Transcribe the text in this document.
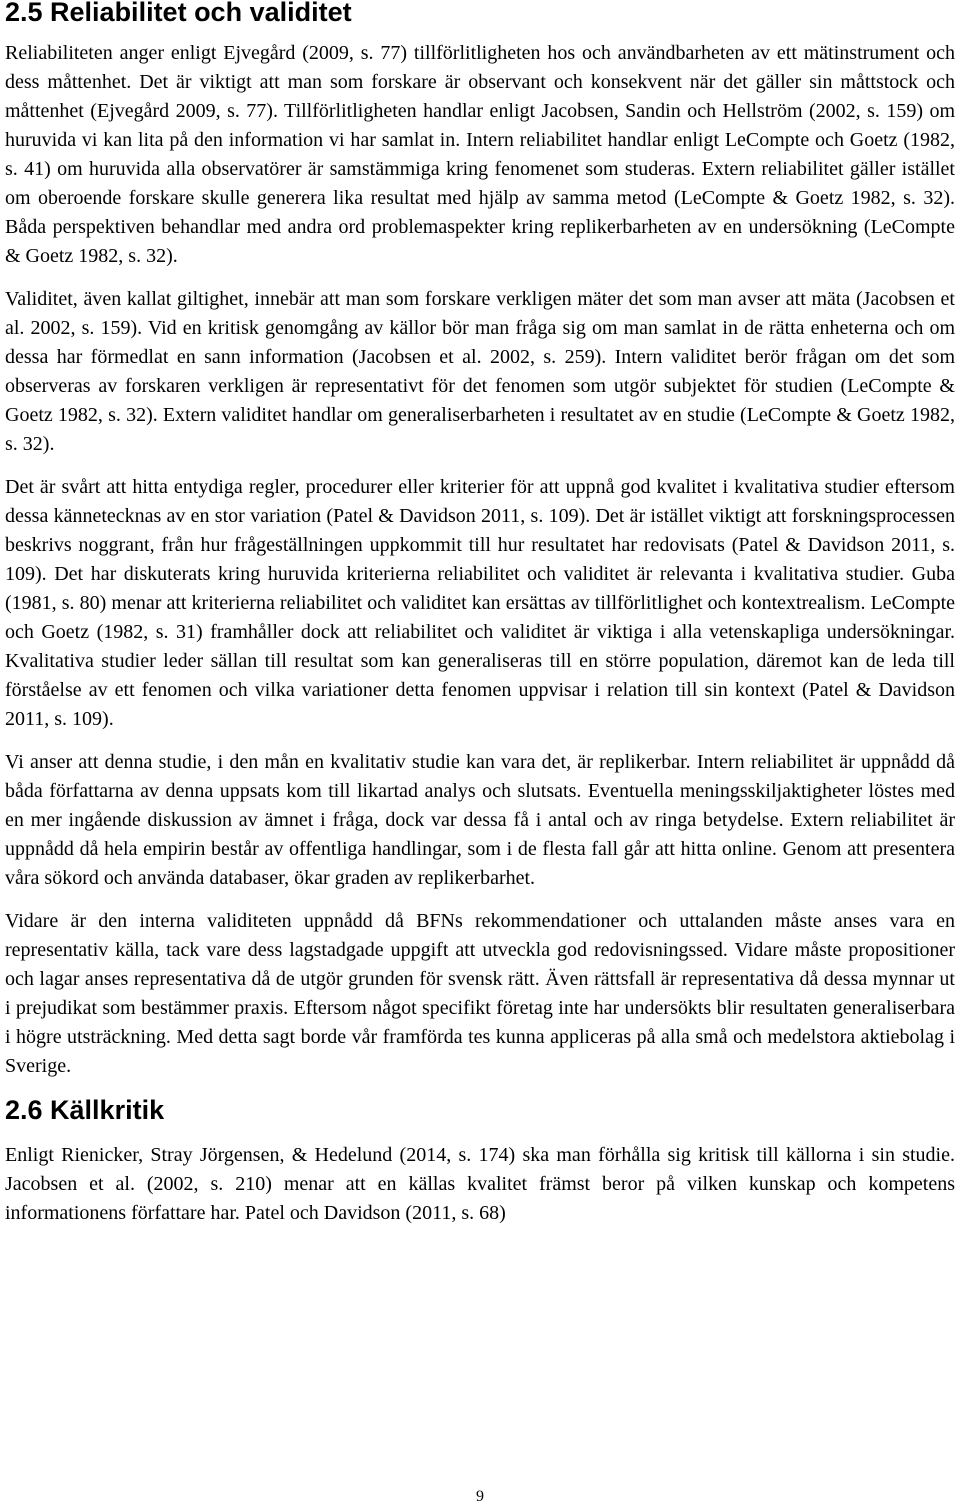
2.5 Reliabilitet och validitet

Reliabiliteten anger enligt Ejvegård (2009, s. 77) tillförlitligheten hos och användbarheten av ett mätinstrument och dess måttenhet. Det är viktigt att man som forskare är observant och konsekvent när det gäller sin måttstock och måttenhet (Ejvegård 2009, s. 77). Tillförlitligheten handlar enligt Jacobsen, Sandin och Hellström (2002, s. 159) om huruvida vi kan lita på den information vi har samlat in. Intern reliabilitet handlar enligt LeCompte och Goetz (1982, s. 41) om huruvida alla observatörer är samstämmiga kring fenomenet som studeras. Extern reliabilitet gäller istället om oberoende forskare skulle generera lika resultat med hjälp av samma metod (LeCompte & Goetz 1982, s. 32). Båda perspektiven behandlar med andra ord problemaspekter kring replikerbarheten av en undersökning (LeCompte & Goetz 1982, s. 32).

Validitet, även kallat giltighet, innebär att man som forskare verkligen mäter det som man avser att mäta (Jacobsen et al. 2002, s. 159). Vid en kritisk genomgång av källor bör man fråga sig om man samlat in de rätta enheterna och om dessa har förmedlat en sann information (Jacobsen et al. 2002, s. 259). Intern validitet berör frågan om det som observeras av forskaren verkligen är representativt för det fenomen som utgör subjektet för studien (LeCompte & Goetz 1982, s. 32). Extern validitet handlar om generaliserbarheten i resultatet av en studie (LeCompte & Goetz 1982, s. 32).

Det är svårt att hitta entydiga regler, procedurer eller kriterier för att uppnå god kvalitet i kvalitativa studier eftersom dessa kännetecknas av en stor variation (Patel & Davidson 2011, s. 109). Det är istället viktigt att forskningsprocessen beskrivs noggrant, från hur frågeställningen uppkommit till hur resultatet har redovisats (Patel & Davidson 2011, s. 109). Det har diskuterats kring huruvida kriterierna reliabilitet och validitet är relevanta i kvalitativa studier. Guba (1981, s. 80) menar att kriterierna reliabilitet och validitet kan ersättas av tillförlitlighet och kontextrealism. LeCompte och Goetz (1982, s. 31) framhåller dock att reliabilitet och validitet är viktiga i alla vetenskapliga undersökningar. Kvalitativa studier leder sällan till resultat som kan generaliseras till en större population, däremot kan de leda till förståelse av ett fenomen och vilka variationer detta fenomen uppvisar i relation till sin kontext (Patel & Davidson 2011, s. 109).

Vi anser att denna studie, i den mån en kvalitativ studie kan vara det, är replikerbar. Intern reliabilitet är uppnådd då båda författarna av denna uppsats kom till likartad analys och slutsats. Eventuella meningsskiljaktigheter löstes med en mer ingående diskussion av ämnet i fråga, dock var dessa få i antal och av ringa betydelse. Extern reliabilitet är uppnådd då hela empirin består av offentliga handlingar, som i de flesta fall går att hitta online. Genom att presentera våra sökord och använda databaser, ökar graden av replikerbarhet.

Vidare är den interna validiteten uppnådd då BFNs rekommendationer och uttalanden måste anses vara en representativ källa, tack vare dess lagstadgade uppgift att utveckla god redovisningssed. Vidare måste propositioner och lagar anses representativa då de utgör grunden för svensk rätt. Även rättsfall är representativa då dessa mynnar ut i prejudikat som bestämmer praxis. Eftersom något specifikt företag inte har undersökts blir resultaten generaliserbara i högre utsträckning. Med detta sagt borde vår framförda tes kunna appliceras på alla små och medelstora aktiebolag i Sverige.

2.6 Källkritik

Enligt Rienicker, Stray Jörgensen, & Hedelund (2014, s. 174) ska man förhålla sig kritisk till källorna i sin studie. Jacobsen et al. (2002, s. 210) menar att en källas kvalitet främst beror på vilken kunskap och kompetens informationens författare har. Patel och Davidson (2011, s. 68)

9
